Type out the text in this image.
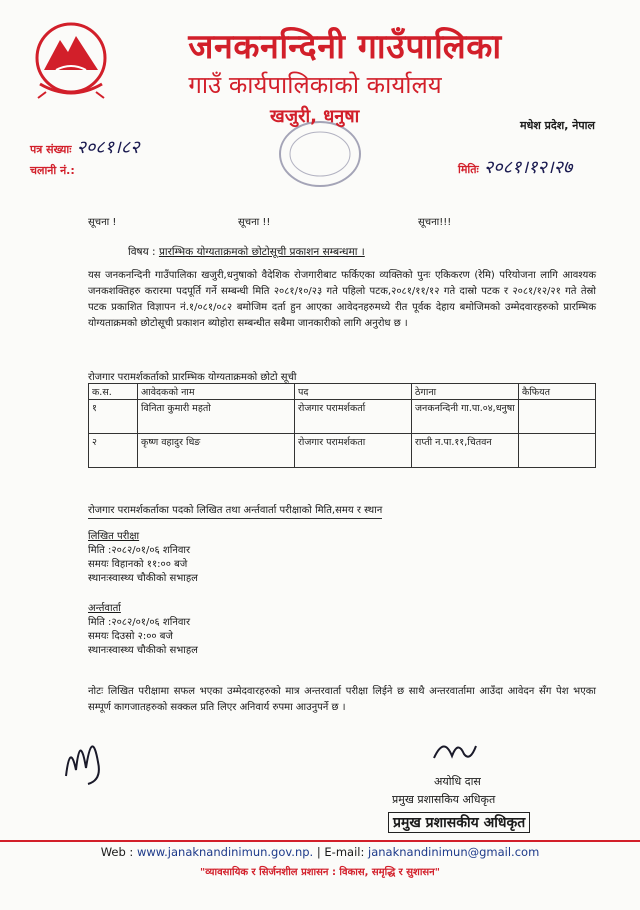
जनकनन्दिनी गाउँपालिका
गाउँ कार्यपालिकाको कार्यालय
खजुरी, धनुषा	मधेश प्रदेश, नेपाल
पत्र संख्याः २०८१।८२
चलानी नं.:	मितिः २०८१।१२।२७
सूचना !	सूचना !!	सूचना!!!
विषय : प्रारम्भिक योग्यताक्रमको छोटोसूची प्रकाशन सम्बन्धमा ।
यस जनकनन्दिनी गाउँपालिका खजुरी,धनुषाको वैदेशिक रोजगारीबाट फर्किएका व्यक्तिको पुनः एकिकरण (रेमि) परियोजना लागि आवश्यक जनकशक्तिहरु करारमा पदपूर्ति गर्ने सम्बन्धी मिति २०८१/१०/२३ गते पहिलो पटक,२०८१/११/१२ गते दास्रो पटक र २०८१/१२/२१ गते तेस्रो पटक प्रकाशित विज्ञापन नं.१/०८१/०८२ बमोजिम दर्ता हुन आएका आवेदनहरुमध्ये रीत पूर्वक देहाय बमोजिमको उम्मेदवारहरुको प्रारम्भिक योग्यताक्रमको छोटोसूची प्रकाशन ब्योहोरा सम्बन्धीत सबैमा जानकारीको लागि अनुरोध छ ।
रोजगार परामर्शकर्ताको प्रारम्भिक योग्यताक्रमको छोटो सूची
क.स.	आवेदकको नाम	पद	ठेगाना	कैफियत
१	विनिता कुमारी महतो	रोजगार परामर्शकर्ता	जनकनन्दिनी गा.पा.०४,धनुषा	
२	कृष्ण वहादुर धिङ	रोजगार परामर्शकता	राप्ती न.पा.११,चितवन	
रोजगार परामर्शकर्ताका पदको लिखित तथा अर्न्तवार्ता परीक्षाको मिति,समय र स्थान
लिखित परीक्षा
मिति :२०८२/०१/०६ शनिवार
समयः विहानको ११:०० बजे
स्थानःस्वास्थ्य चौकीको सभाहल
अर्न्तवार्ता
मिति :२०८२/०१/०६ शनिवार
समयः दिउसो २:०० बजे
स्थानःस्वास्थ्य चौकीको सभाहल
नोटः लिखित परीक्षामा सफल भएका उम्मेदवारहरुको मात्र अन्तरवार्ता परीक्षा लिईने छ साथै अन्तरवार्तामा आउँदा आवेदन सँग पेश भएका सम्पूर्ण कागजातहरुको सक्कल प्रति लिएर अनिवार्य रुपमा आउनुपर्ने छ ।
अयोधि दास
प्रमुख प्रशासकिय अधिकृत
प्रमुख प्रशासकीय अधिकृत
Web : www.janaknandinimun.gov.np. | E-mail: janaknandinimun@gmail.com
"व्यावसायिक र सिर्जनशील प्रशासन : विकास, समृद्धि र सुशासन"
